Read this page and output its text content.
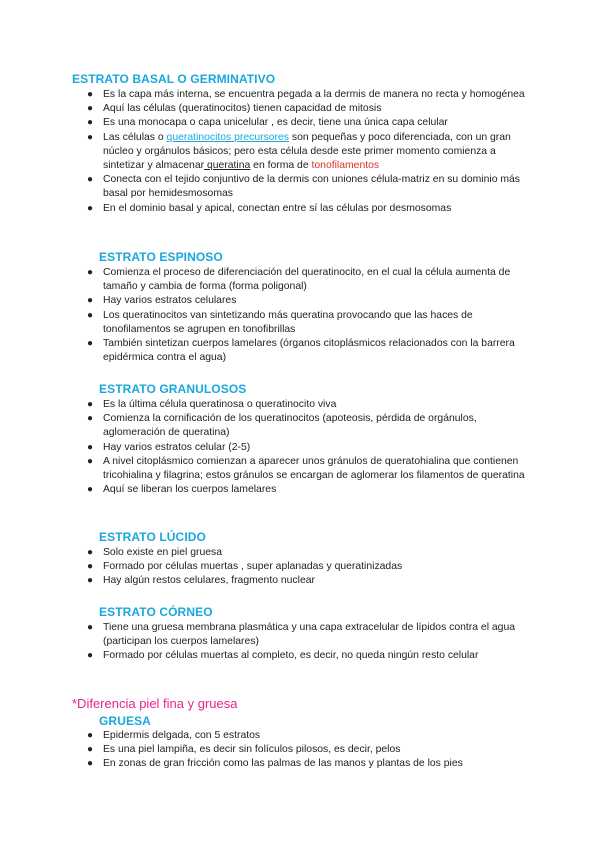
ESTRATO BASAL O GERMINATIVO
● Es la capa más interna, se encuentra pegada a la dermis de manera no recta y homogénea
● Aquí las células (queratinocitos) tienen capacidad de mitosis
● Es una monocapa o capa unicelular , es decir, tiene una única capa celular
● Las células o queratinocitos precursores son pequeñas y poco diferenciada, con un gran núcleo y orgánulos básicos; pero esta célula desde este primer momento comienza a sintetizar y almacenar queratina en forma de tonofilamentos
● Conecta con el tejido conjuntivo de la dermis con uniones célula-matriz en su dominio más basal por hemidesmosomas
● En el dominio basal y apical, conectan entre sí las células por desmosomas
ESTRATO ESPINOSO
● Comienza el proceso de diferenciación del queratinocito, en el cual la célula aumenta de tamaño y cambia de forma (forma poligonal)
● Hay varios estratos celulares
● Los queratinocitos van sintetizando más queratina provocando que las haces de tonofilamentos se agrupen en tonofibrillas
● También sintetizan cuerpos lamelares (órganos citoplásmicos relacionados con la barrera epidérmica contra el agua)
ESTRATO GRANULOSOS
● Es la última célula queratinosa o queratinocito viva
● Comienza la cornificación de los queratinocitos (apoteosis, pérdida de orgánulos, aglomeración de queratina)
● Hay varios estratos celular (2-5)
● A nivel citoplásmico comienzan a aparecer unos gránulos de queratohialina que contienen tricohialina y filagrina; estos gránulos se encargan de aglomerar los filamentos de queratina
● Aquí se liberan los cuerpos lamelares
ESTRATO LÚCIDO
● Solo existe en piel gruesa
● Formado por células muertas , super aplanadas y queratinizadas
● Hay algún restos celulares, fragmento nuclear
ESTRATO CÓRNEO
● Tiene una gruesa membrana plasmática y una capa extracelular de lípidos contra el agua (participan los cuerpos lamelares)
● Formado por células muertas al completo, es decir, no queda ningún resto celular
*Diferencia piel fina y gruesa
GRUESA
● Epidermis delgada, con 5 estratos
● Es una piel lampiña, es decir sin folículos pilosos, es decir, pelos
● En zonas de gran fricción como las palmas de las manos y plantas de los pies
